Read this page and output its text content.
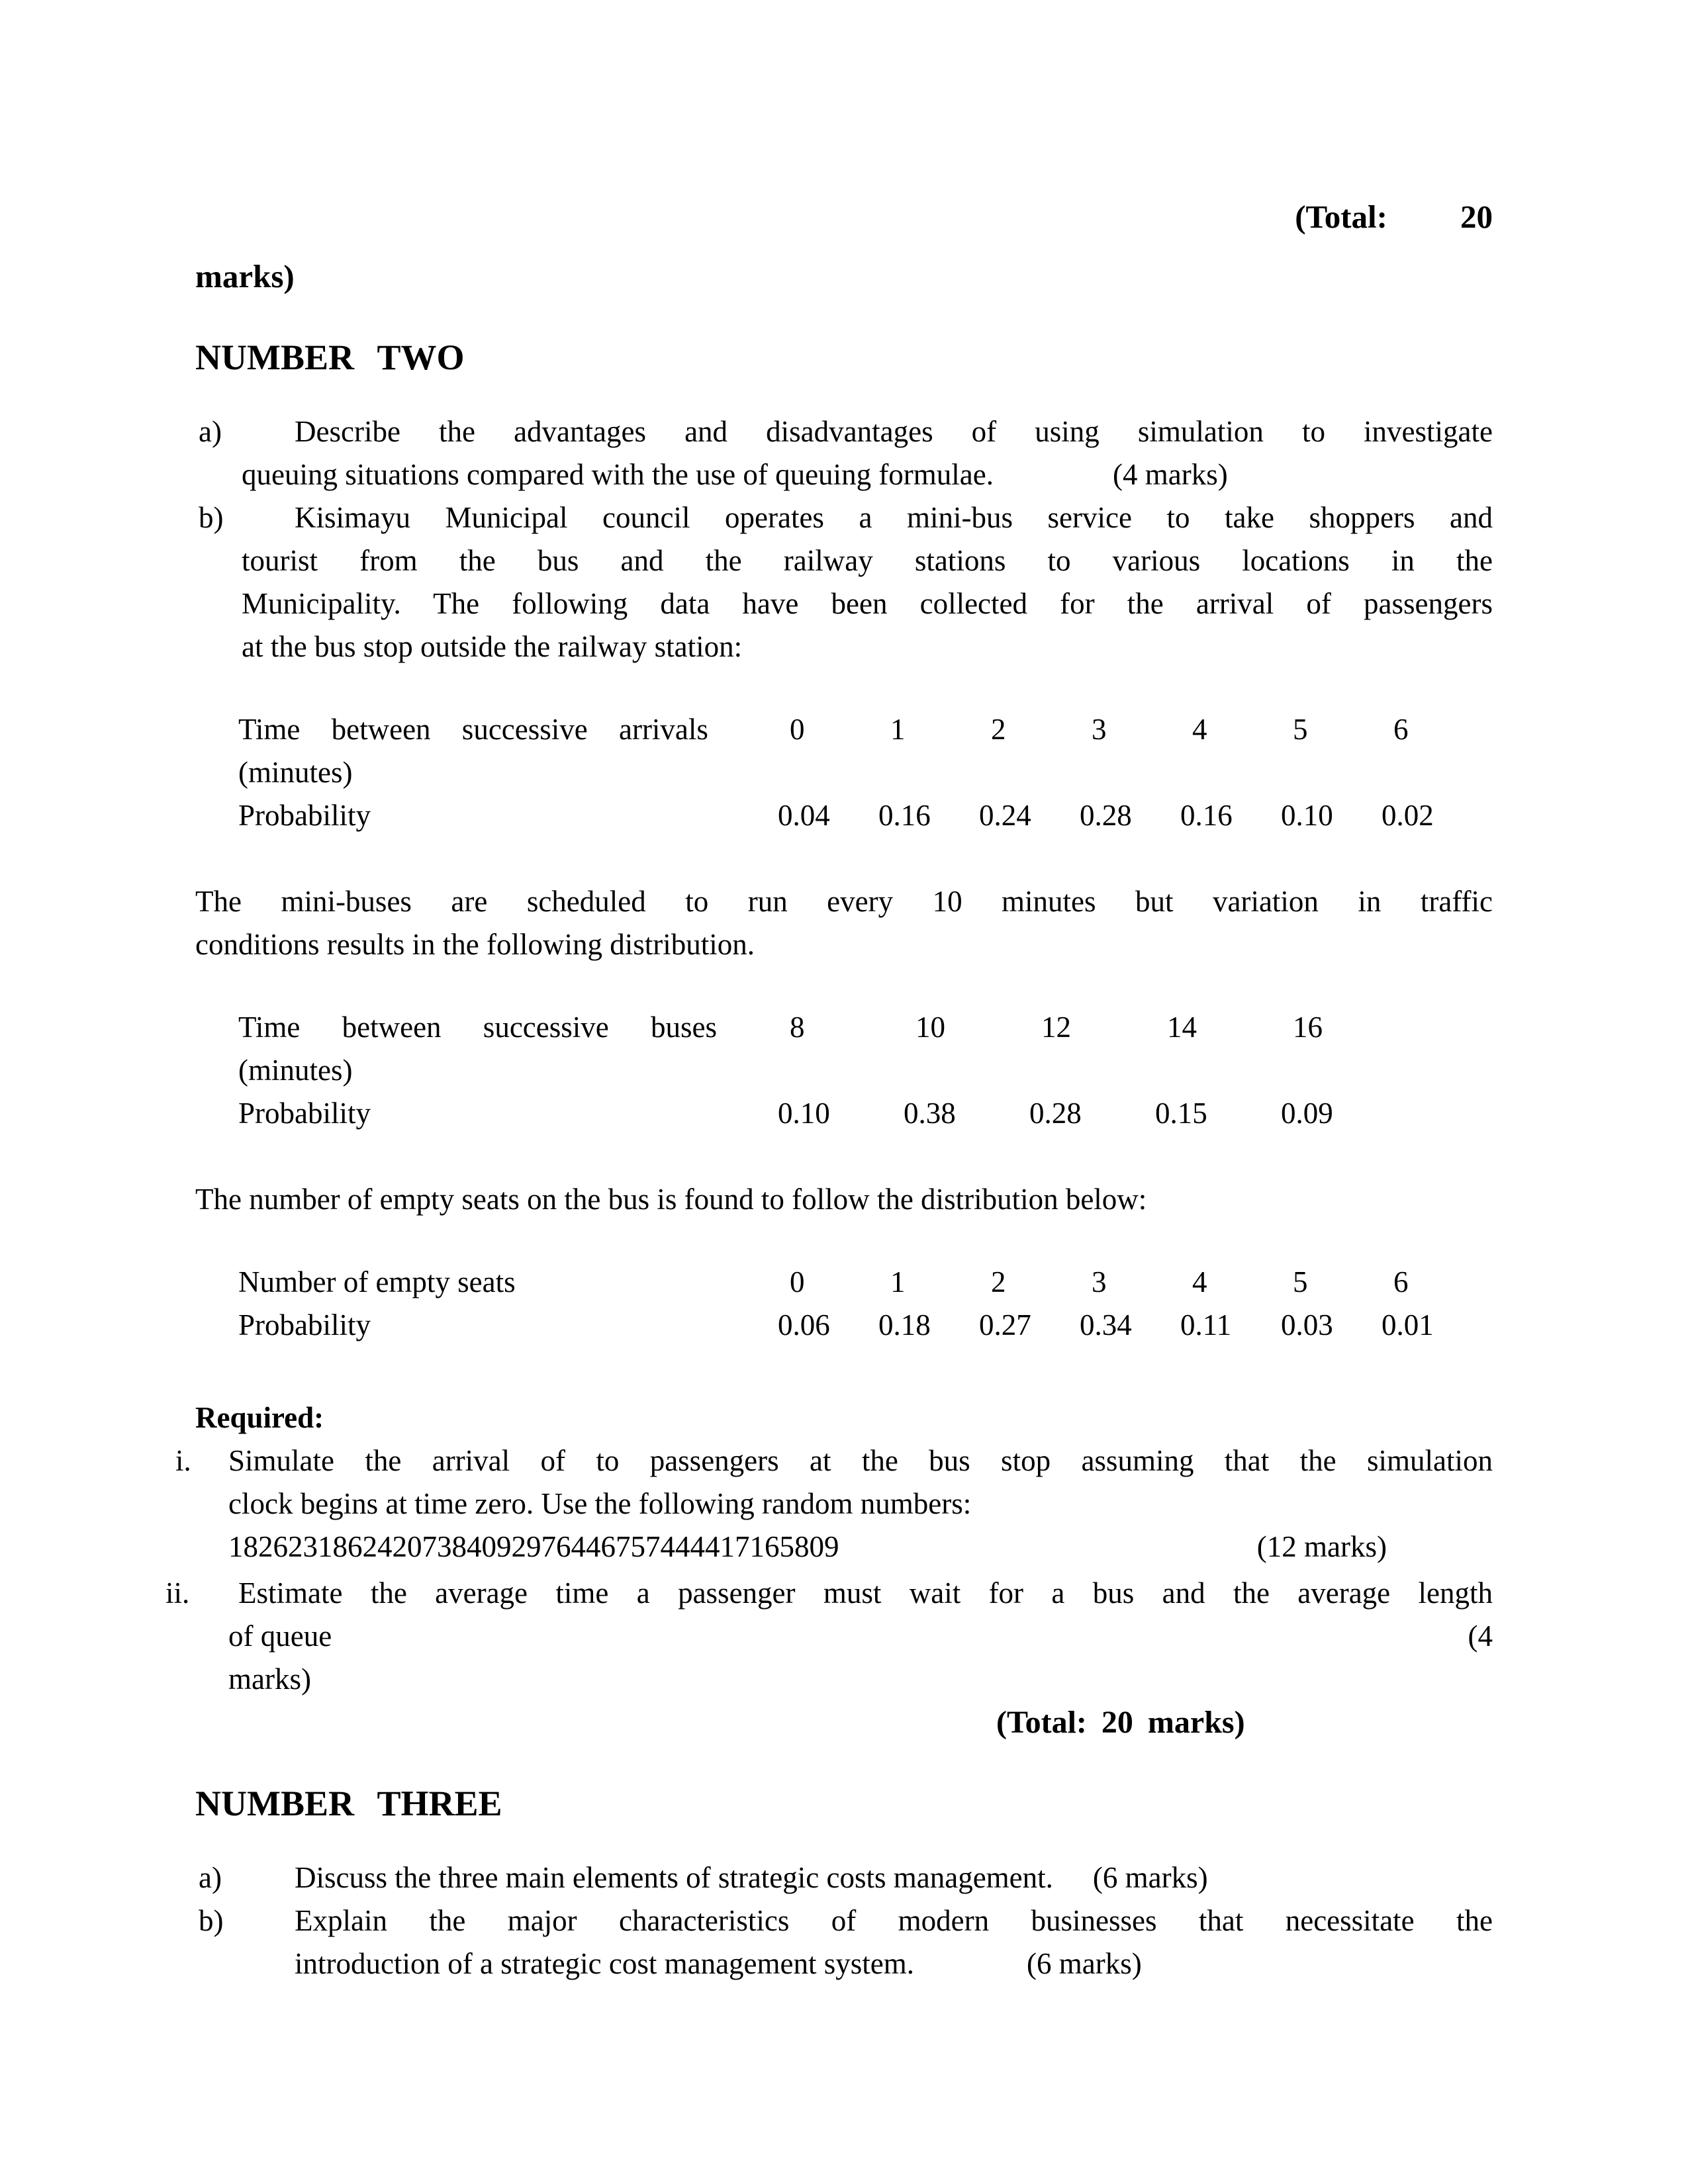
(Total: 20
marks)
NUMBER TWO
a)	Describe the advantages and disadvantages of using simulation to investigate
queuing situations compared with the use of queuing formulae.	(4 marks)
b)	Kisimayu Municipal council operates a mini-bus service to take shoppers and
tourist from the bus and the railway stations to various locations in the
Municipality. The following data have been collected for the arrival of passengers
at the bus stop outside the railway station:
Time between successive arrivals	0	1	2	3	4	5	6
(minutes)
Probability	0.04	0.16	0.24	0.28	0.16	0.10	0.02
The mini-buses are scheduled to run every 10 minutes but variation in traffic
conditions results in the following distribution.
Time between successive buses	8	10	12	14	16
(minutes)
Probability	0.10	0.38	0.28	0.15	0.09
The number of empty seats on the bus is found to follow the distribution below:
Number of empty seats	0	1	2	3	4	5	6
Probability	0.06	0.18	0.27	0.34	0.11	0.03	0.01
Required:
i. Simulate the arrival of to passengers at the bus stop assuming that the simulation
clock begins at time zero. Use the following random numbers:
18262318624207384092976446757444417165809	(12 marks)
ii.	Estimate the average time a passenger must wait for a bus and the average length
of queue	(4
marks)
(Total: 20 marks)
NUMBER THREE
a) Discuss the three main elements of strategic costs management. (6 marks)
b) Explain the major characteristics of modern businesses that necessitate the
introduction of a strategic cost management system.	(6 marks)
